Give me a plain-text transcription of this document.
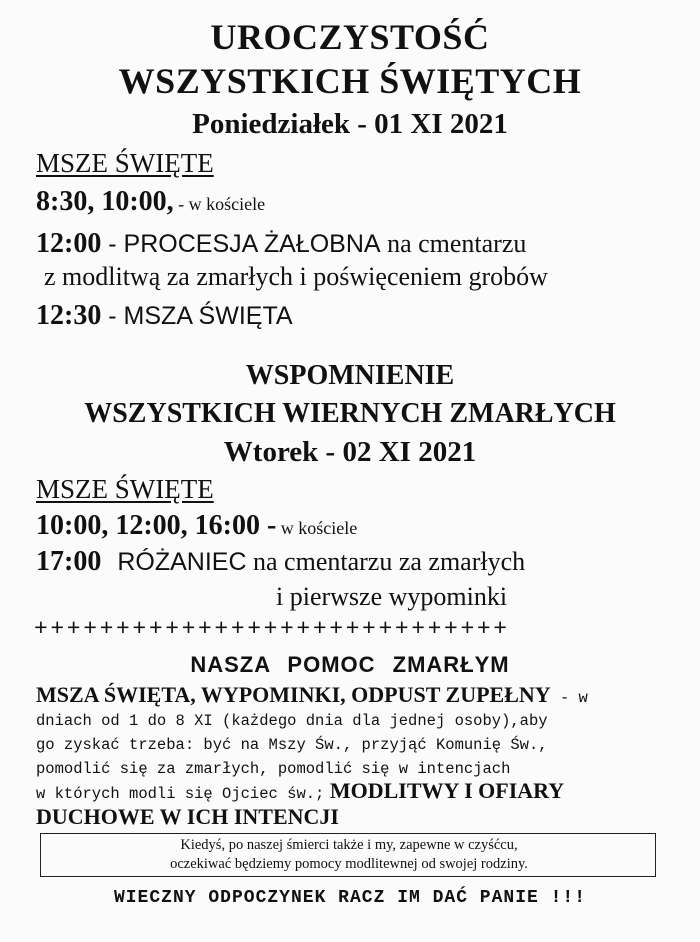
UROCZYSTOŚĆ
WSZYSTKICH ŚWIĘTYCH
Poniedziałek - 01 XI 2021
MSZE ŚWIĘTE
8:30, 10:00, - w kościele
12:00 - PROCESJA ŻAŁOBNA na cmentarzu
z modlitwą za zmarłych i poświęceniem grobów
12:30 - MSZA ŚWIĘTA
WSPOMNIENIE
WSZYSTKICH WIERNYCH ZMARŁYCH
Wtorek - 02 XI 2021
MSZE ŚWIĘTE
10:00, 12:00, 16:00 - w kościele
17:00 RÓŻANIEC na cmentarzu za zmarłych
i pierwsze wypominki
+++++++++++++++++++++++++++++
NASZA POMOC ZMARŁYM
MSZA ŚWIĘTA, WYPOMINKI, ODPUST ZUPEŁNY - w
dniach od 1 do 8 XI (każdego dnia dla jednej osoby),aby
go zyskać trzeba: być na Mszy Św., przyjąć Komunię Św.,
pomodlić się za zmarłych, pomodlić się w intencjach
w których modli się Ojciec św.; MODLITWY I OFIARY
DUCHOWE W ICH INTENCJI
Kiedyś, po naszej śmierci także i my, zapewne w czyśćcu,
oczekiwać będziemy pomocy modlitewnej od swojej rodziny.
WIECZNY ODPOCZYNEK RACZ IM DAĆ PANIE !!!
